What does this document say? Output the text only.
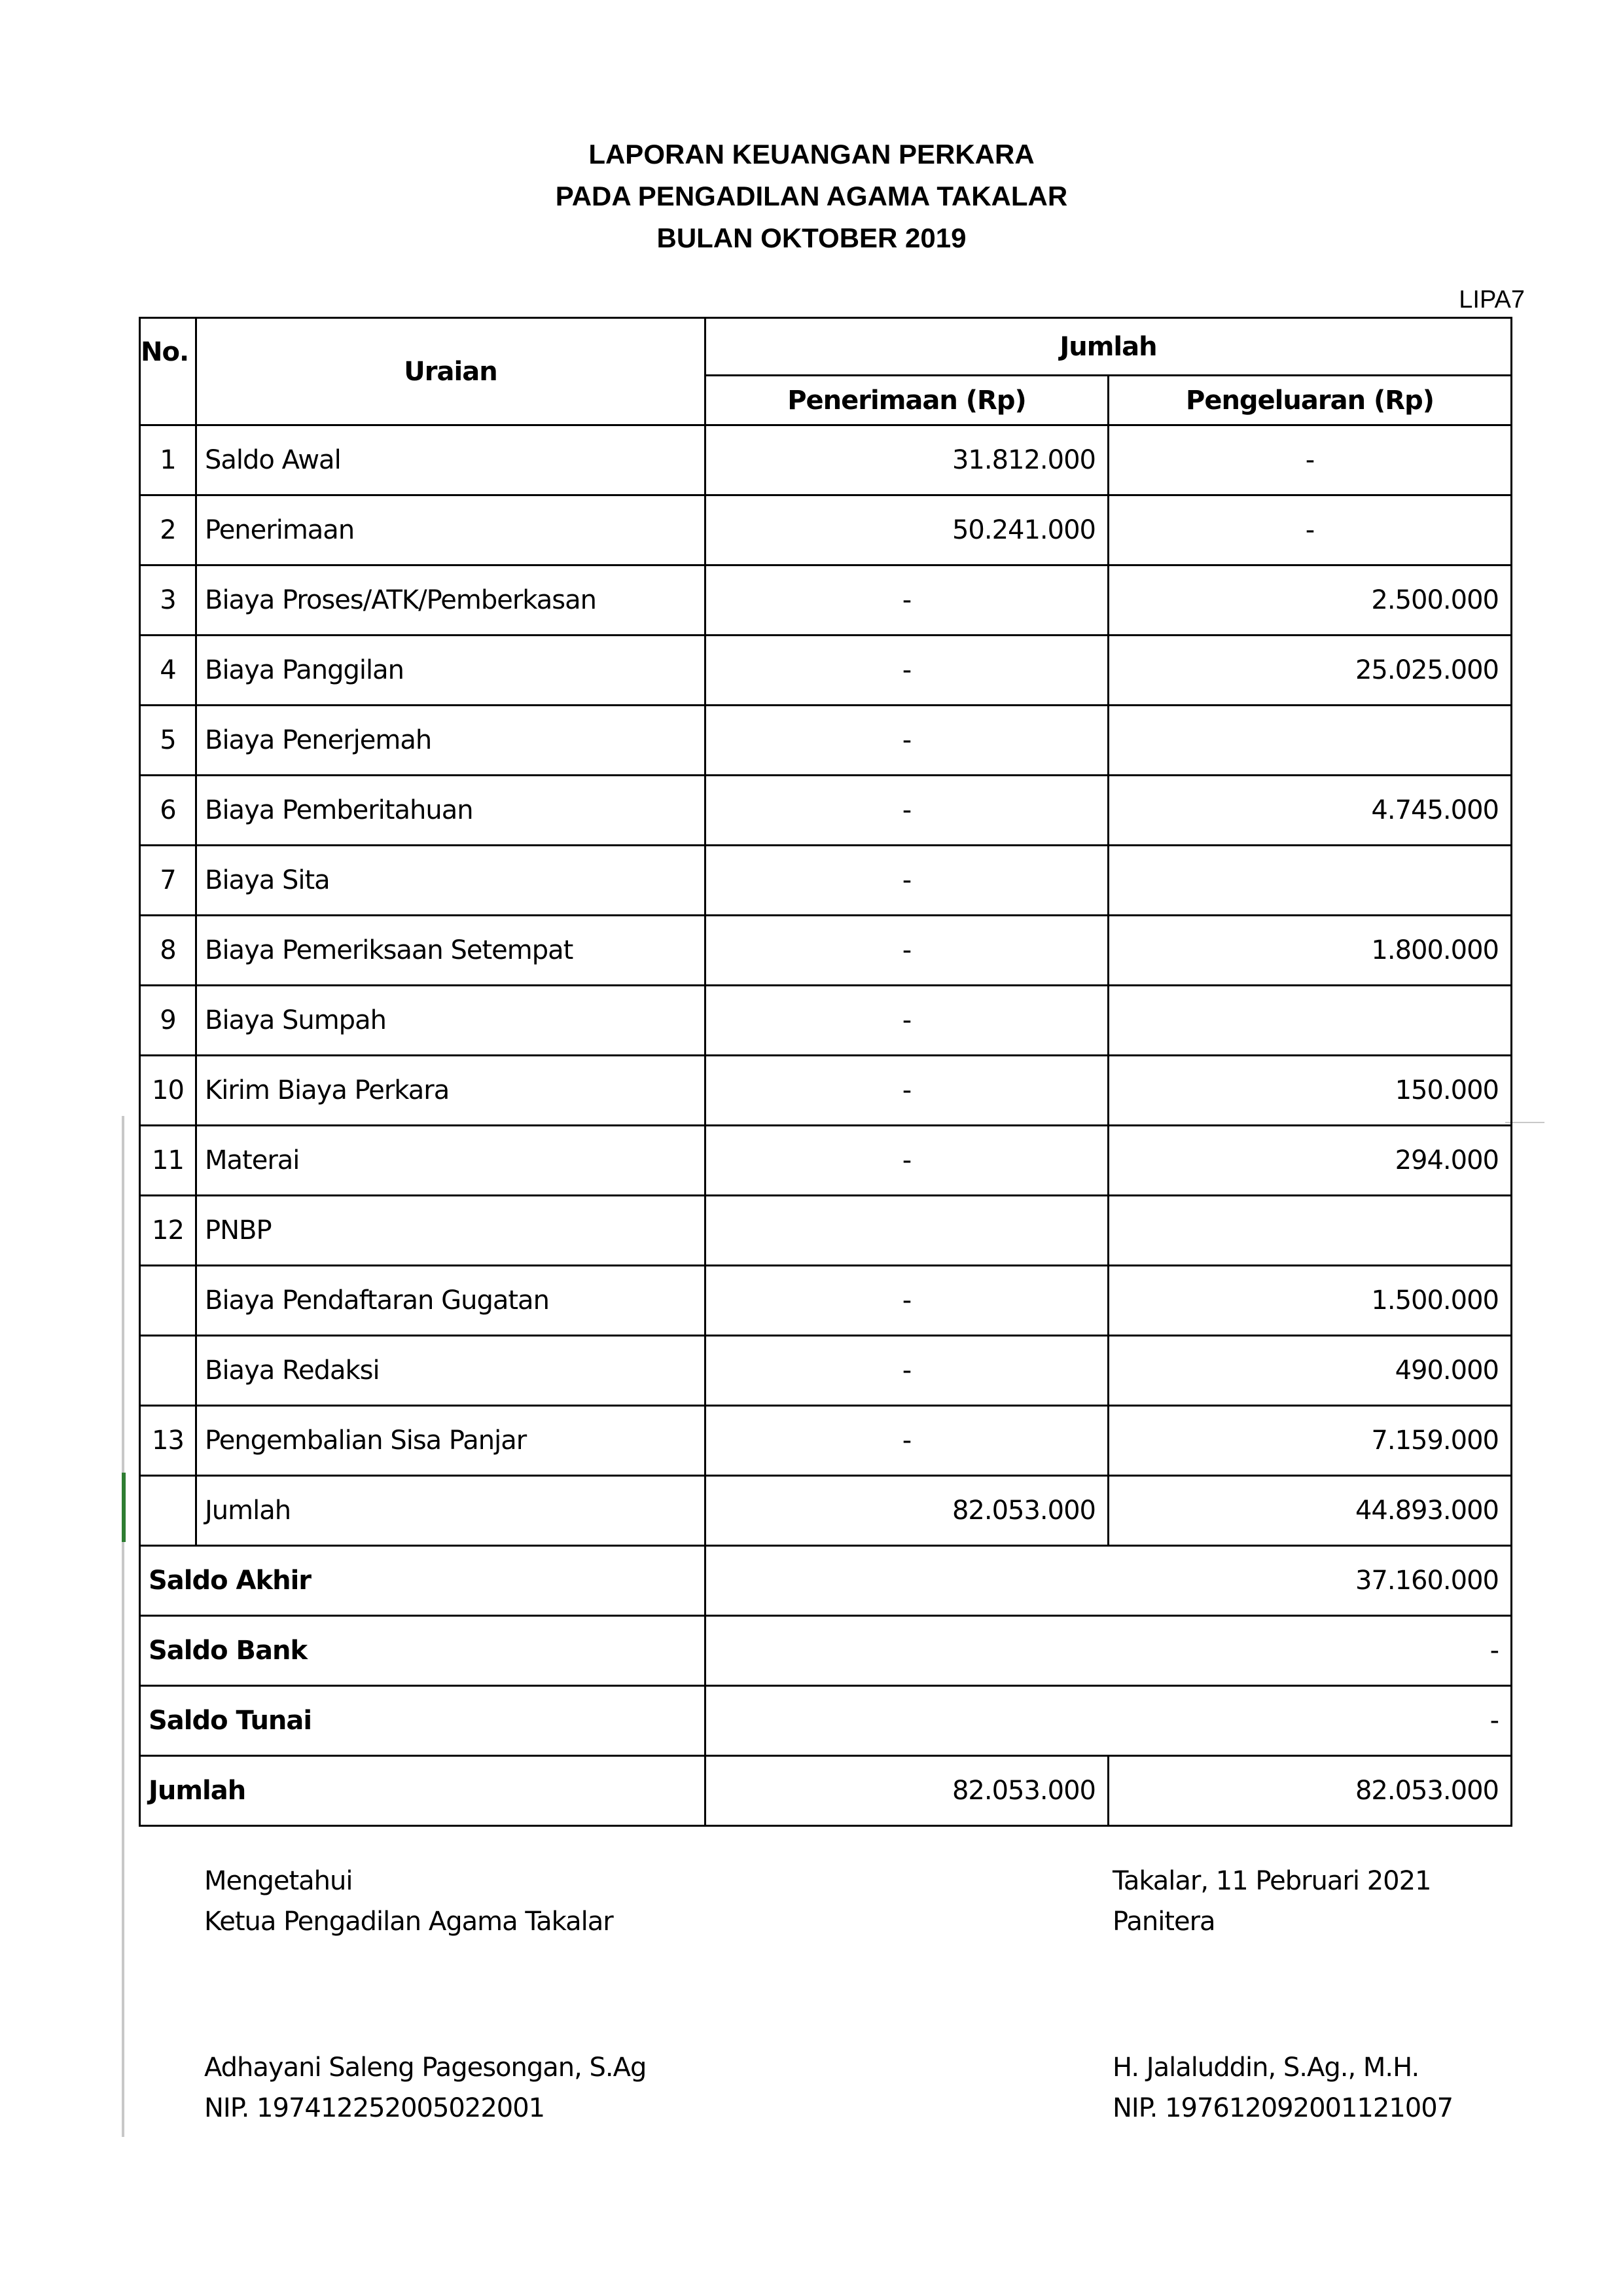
LAPORAN KEUANGAN PERKARA
PADA PENGADILAN AGAMA TAKALAR
BULAN OKTOBER 2019
LIPA7
No.	Uraian	Jumlah	
		Penerimaan (Rp)	Pengeluaran (Rp)
1	Saldo Awal	31.812.000	-
2	Penerimaan	50.241.000	-
3	Biaya Proses/ATK/Pemberkasan	-	2.500.000
4	Biaya Panggilan	-	25.025.000
5	Biaya Penerjemah	-	
6	Biaya Pemberitahuan	-	4.745.000
7	Biaya Sita	-	
8	Biaya Pemeriksaan Setempat	-	1.800.000
9	Biaya Sumpah	-	
10	Kirim Biaya Perkara	-	150.000
11	Materai	-	294.000
12	PNBP		
	Biaya Pendaftaran Gugatan	-	1.500.000
	Biaya Redaksi	-	490.000
13	Pengembalian Sisa Panjar	-	7.159.000
	Jumlah	82.053.000	44.893.000
Saldo Akhir		37.160.000	
Saldo Bank		-	
Saldo Tunai		-	
Jumlah		82.053.000	82.053.000
Mengetahui
Ketua Pengadilan Agama Takalar
Adhayani Saleng Pagesongan, S.Ag
NIP. 197412252005022001
Takalar, 11 Pebruari 2021
Panitera
H. Jalaluddin, S.Ag., M.H.
NIP. 197612092001121007
